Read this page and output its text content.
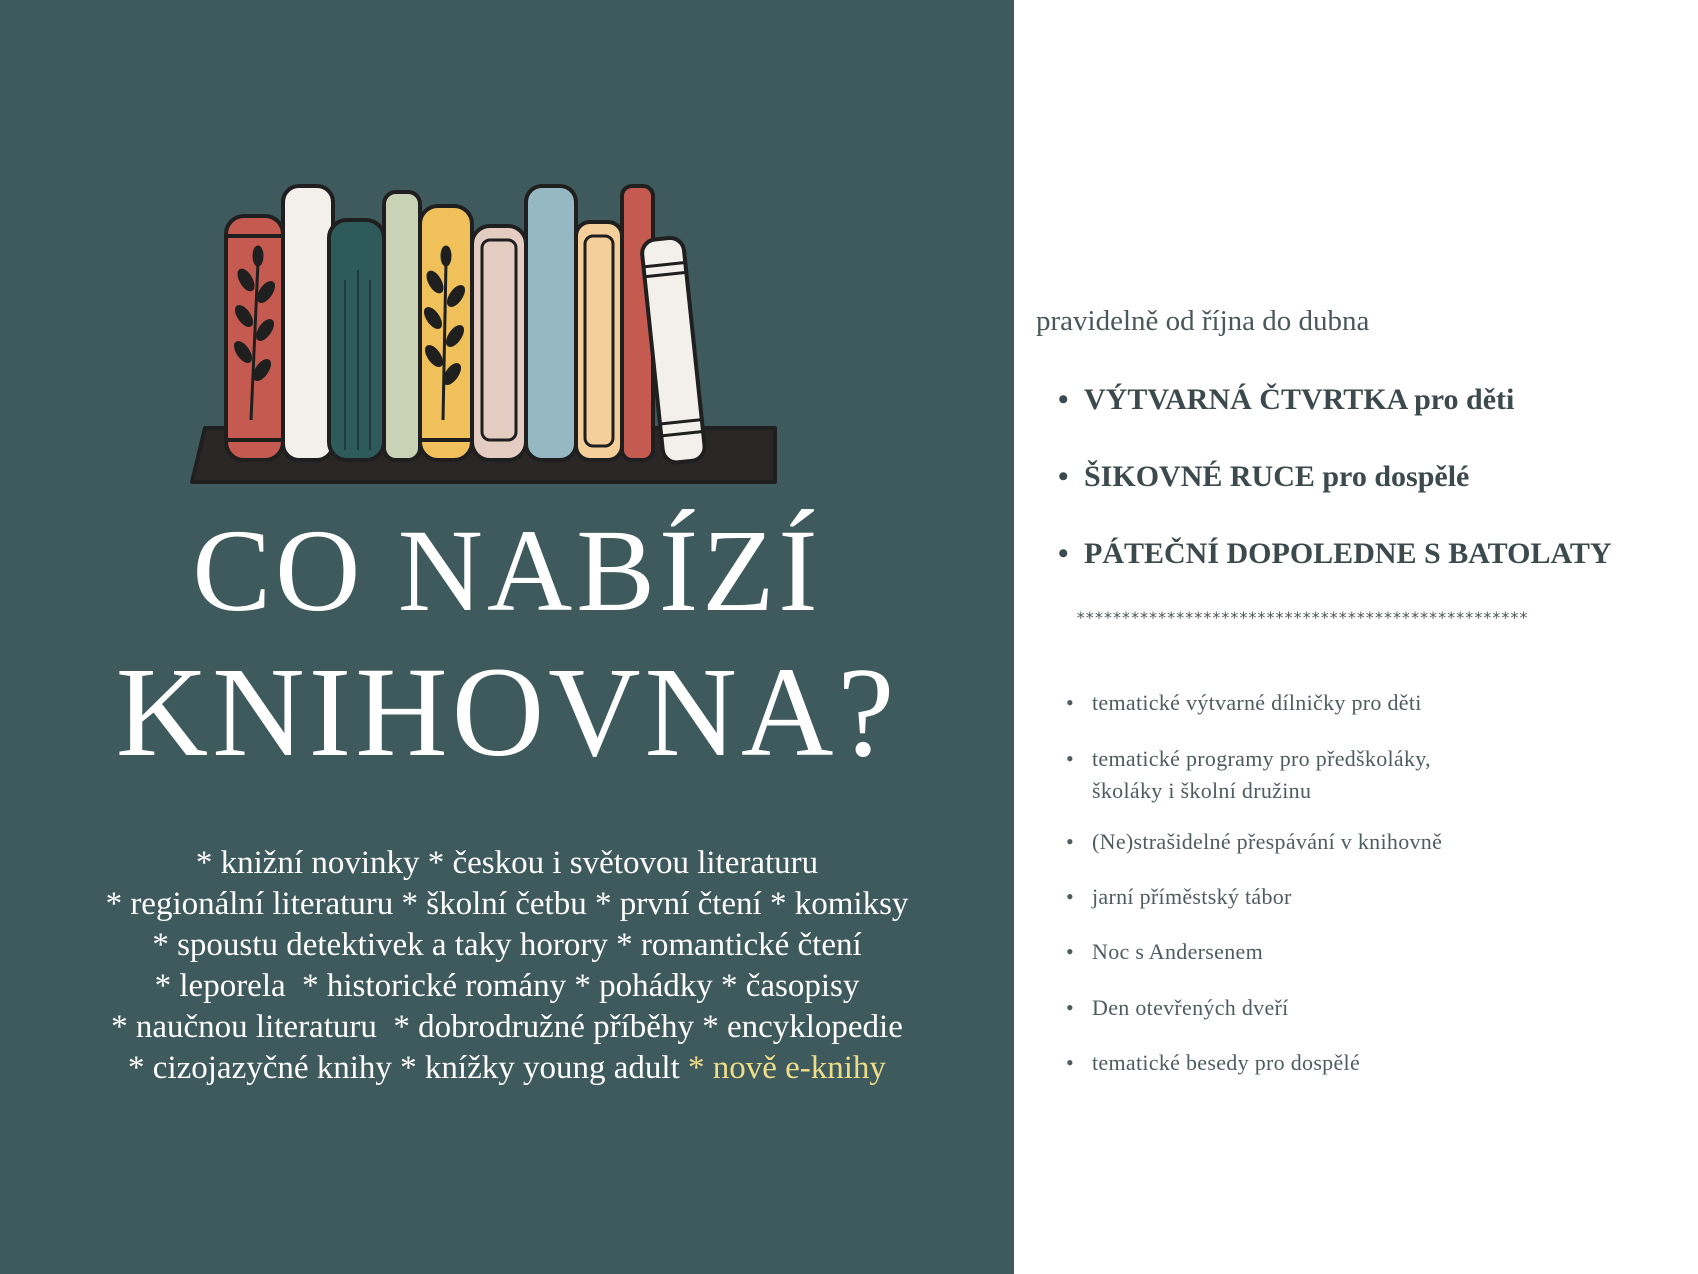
CO NABÍZÍ
KNIHOVNA?
* knižní novinky * českou i světovou literaturu
* regionální literaturu * školní četbu * první čtení * komiksy
* spoustu detektivek a taky horory * romantické čtení
* leporela  * historické romány * pohádky * časopisy
* naučnou literaturu  * dobrodružné příběhy * encyklopedie
* cizojazyčné knihy * knížky young adult * nově e-knihy
pravidelně od října do dubna
• VÝTVARNÁ ČTVRTKA pro děti
• ŠIKOVNÉ RUCE pro dospělé
• PÁTEČNÍ DOPOLEDNE S BATOLATY
**************************************************
• tematické výtvarné dílničky pro děti
• tematické programy pro předškoláky,
školáky i školní družinu
• (Ne)strašidelné přespávání v knihovně
• jarní příměstský tábor
• Noc s Andersenem
• Den otevřených dveří
• tematické besedy pro dospělé
